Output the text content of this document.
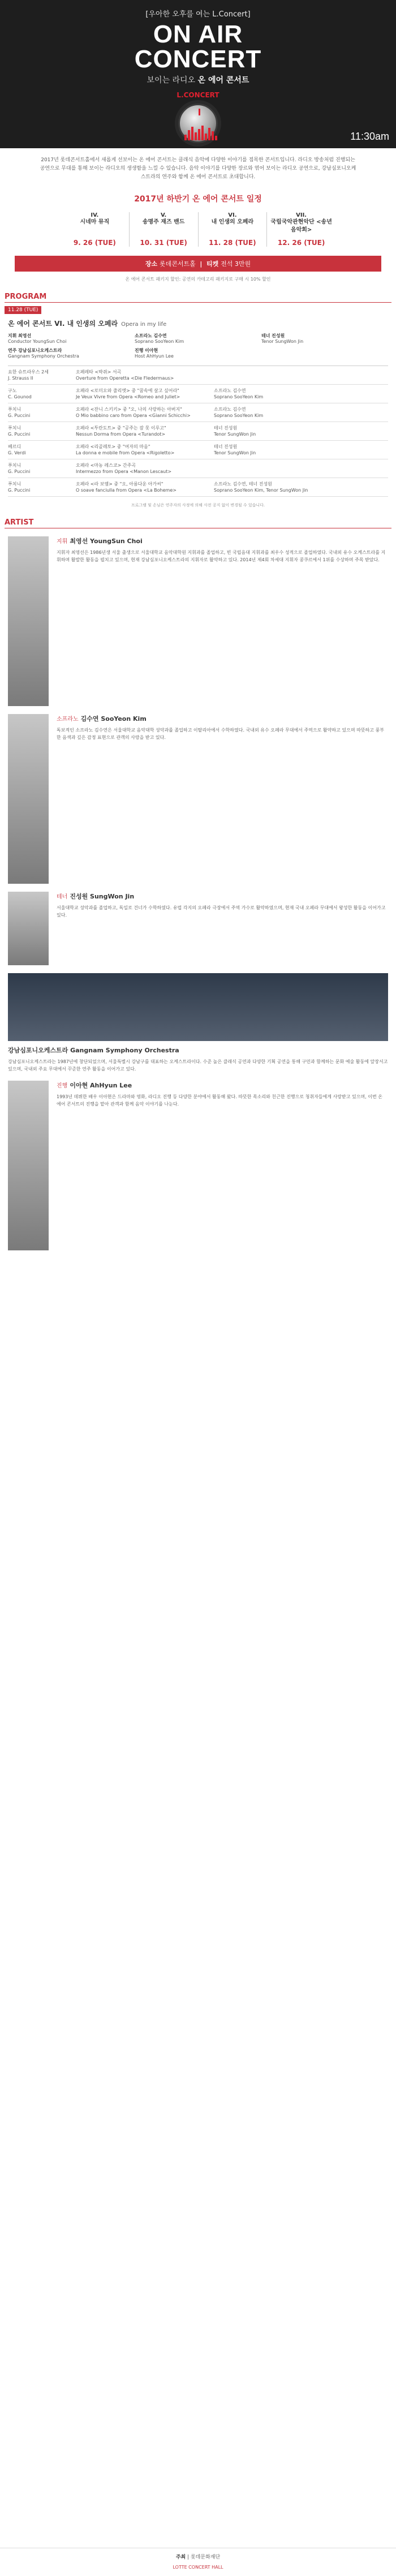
[우아한 오후를 여는 L.Concert]
ON AIR
CONCERT
보이는 라디오 온 에어 콘서트
L.CONCERT
11:30am
2017년 롯데콘서트홀에서 새롭게 선보이는 온 에어 콘서트는 클래식 음악에 다양한 이야기를 접목한 콘서트입니다. 라디오 방송처럼 진행되는 공연으로 무대를 통해 보이는 라디오의 생생함을 느낄 수 있습니다. 음악 이야기를 다양한 장르와 엮어 보이는 라디오 공연으로, 강남심포니오케스트라의 연주와 함께 온 에어 콘서트로 초대합니다.
2017년 하반기 온 에어 콘서트 일정
IV.
시네마 뮤직
9. 26 (TUE)
V.
송명주 재즈 밴드
10. 31 (TUE)
VI.
내 인생의 오페라
11. 28 (TUE)
VII.
국립국악관현악단 <송년음악회>
12. 26 (TUE)
장소 롯데콘서트홀  |  티켓 전석 3만원
온 에어 콘서트 패키지 할인: 공연의 카테고리 패키지로 구매 시 10% 할인
PROGRAM
11.28 (TUE)
온 에어 콘서트 VI. 내 인생의 오페라 Opera in my life
지휘 최영선
Conductor YoungSun Choi
소프라노 김수연
Soprano SooYeon Kim
테너 진성원
Tenor SungWon Jin
연주 강남심포니오케스트라
Gangnam Symphony Orchestra
진행 이아현
Host AhHyun Lee
요한 슈트라우스 2세
J. Strauss II
오페레타 <박쥐> 서곡
Overture from Operetta <Die Fledermaus>
구노
C. Gounod
오페라 <로미오와 줄리엣> 중 "꿈속에 살고 싶어라"
Je Veux Vivre from Opera <Romeo and Juliet>
소프라노 김수연
Soprano SooYeon Kim
푸치니
G. Puccini
오페라 <잔니 스키키> 중 "오, 나의 사랑하는 아버지"
O Mio babbino caro from Opera <Gianni Schicchi>
소프라노 김수연
Soprano SooYeon Kim
푸치니
G. Puccini
오페라 <투란도트> 중 "공주는 잠 못 이루고"
Nessun Dorma from Opera <Turandot>
테너 진성원
Tenor SungWon Jin
베르디
G. Verdi
오페라 <리골레토> 중 "여자의 마음"
La donna e mobile from Opera <Rigoletto>
테너 진성원
Tenor SungWon Jin
푸치니
G. Puccini
오페라 <마농 레스코> 간주곡
Intermezzo from Opera <Manon Lescaut>
푸치니
G. Puccini
오페라 <라 보엠> 중 "오, 아름다운 아가씨"
O soave fanciulla from Opera <La Boheme>
소프라노 김수연, 테너 진성원
Soprano SooYeon Kim, Tenor SungWon Jin
프로그램 및 손님은 연주자의 사정에 의해 사전 공지 없이 변경될 수 있습니다.
ARTIST
지휘 최영선 YoungSun Choi
지휘자 최영선은 1986년생 서울 출생으로 서울대학교 음악대학원 지휘과를 졸업하고, 빈 국립음대 지휘과를 최우수 성적으로 졸업하였다. 국내외 유수 오케스트라를 지휘하며 활발한 활동을 펼치고 있으며, 현재 강남심포니오케스트라의 지휘자로 활약하고 있다. 2014년 제4회 차세대 지휘자 콩쿠르에서 1위를 수상하며 주목 받았다.
소프라노 김수연 SooYeon Kim
독보적인 소프라노 김수연은 서울대학교 음악대학 성악과를 졸업하고 이탈리아에서 수학하였다. 국내외 유수 오페라 무대에서 주역으로 활약하고 있으며 따뜻하고 풍부한 음색과 깊은 감정 표현으로 관객의 사랑을 받고 있다.
테너 진성원 SungWon Jin
서울대학교 성악과를 졸업하고, 독일로 건너가 수학하였다. 유럽 각지의 오페라 극장에서 주역 가수로 활약하였으며, 현재 국내 오페라 무대에서 왕성한 활동을 이어가고 있다.
강남심포니오케스트라 Gangnam Symphony Orchestra
강남심포니오케스트라는 1987년에 창단되었으며, 서울특별시 강남구를 대표하는 오케스트라이다. 수준 높은 클래식 공연과 다양한 기획 공연을 통해 구민과 함께하는 문화 예술 활동에 앞장서고 있으며, 국내외 주요 무대에서 꾸준한 연주 활동을 이어가고 있다.
진행 이아현 AhHyun Lee
1993년 데뷔한 배우 이아현은 드라마와 영화, 라디오 진행 등 다양한 분야에서 활동해 왔다. 따뜻한 목소리와 친근한 진행으로 청취자들에게 사랑받고 있으며, 이번 온 에어 콘서트의 진행을 맡아 관객과 함께 음악 이야기를 나눈다.
주최 | 롯데문화재단
LOTTE CONCERT HALL
